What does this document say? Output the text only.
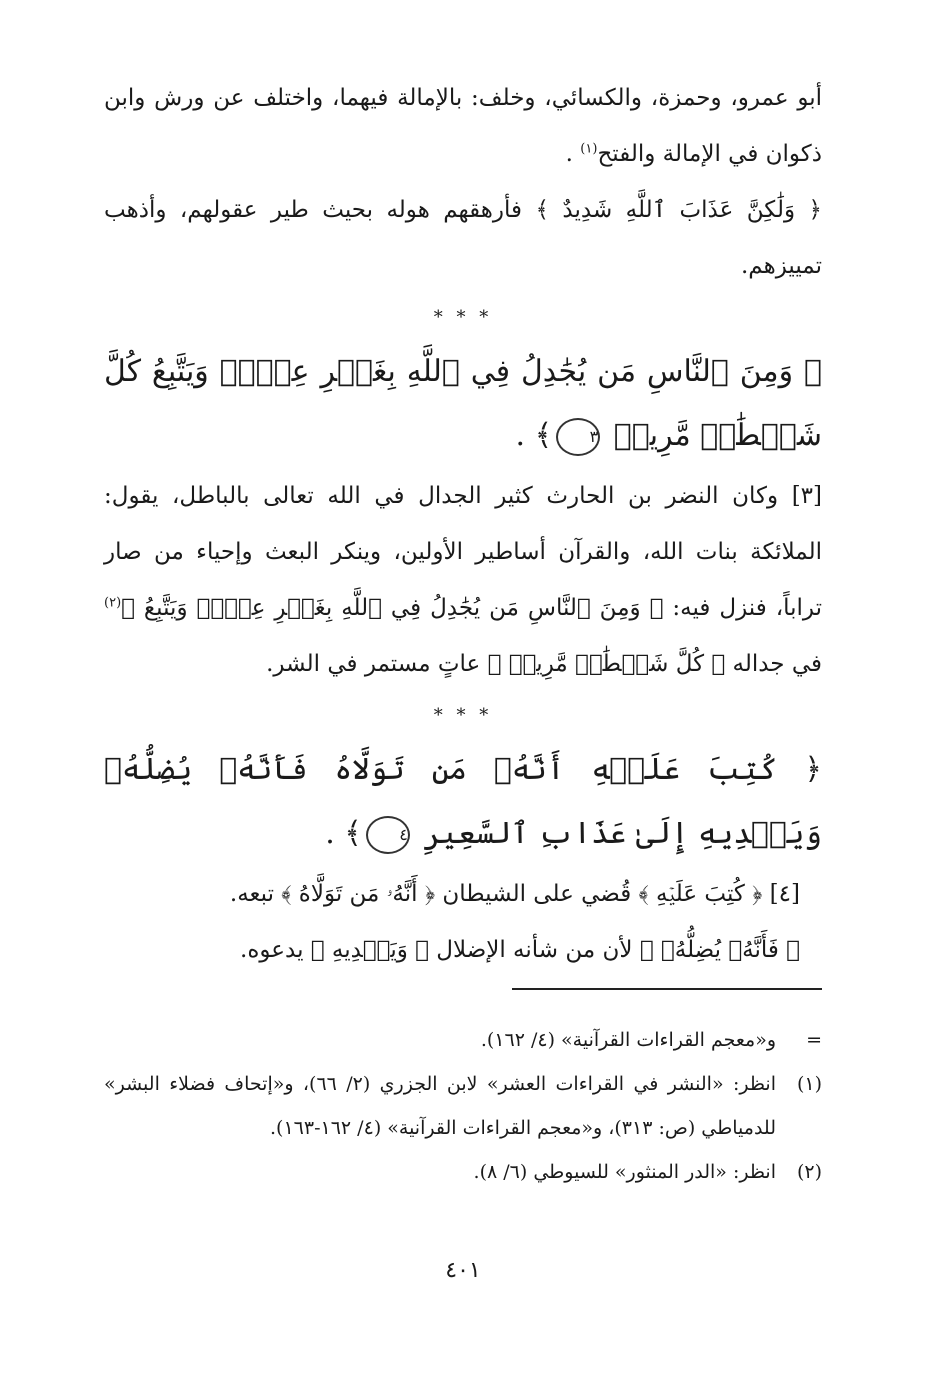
أبو عمرو، وحمزة، والكسائي، وخلف: بالإمالة فيهما، واختلف عن ورش وابن ذكوان في الإمالة والفتح$^{(١)}$ .

﴿ وَلَٰكِنَّ عَذَابَ ٱللَّهِ شَدِيدٌ ﴾ فأرهقهم هوله بحيث طير عقولهم، وأذهب تمييزهم.

* * *

﴿ وَمِنَ ٱلنَّاسِ مَن يُجَٰدِلُ فِي ٱللَّهِ بِغَيۡرِ عِلۡمٖ وَيَتَّبِعُ كُلَّ شَيۡطَٰنٖ مَّرِيدٖ ٣﴾ .

[٣] وكان النضر بن الحارث كثير الجدال في الله تعالى بالباطل، يقول: الملائكة بنات الله، والقرآن أساطير الأولين، وينكر البعث وإحياء من صار تراباً، فنزل فيه: ﴿ وَمِنَ ٱلنَّاسِ مَن يُجَٰدِلُ فِي ٱللَّهِ بِغَيۡرِ عِلۡمٖ وَيَتَّبِعُ ﴾$^{(٢)}$ في جداله ﴿ كُلَّ شَيۡطَٰنٖ مَّرِيدٖ ﴾ عاتٍ مستمر في الشر.

* * *

﴿ كُتِبَ عَلَيۡهِ أَنَّهُۥ مَن تَوَلَّاهُ فَأَنَّهُۥ يُضِلُّهُۥ وَيَهۡدِيهِ إِلَىٰ عَذَابِ ٱلسَّعِيرِ ٤﴾ .

[٤] ﴿ كُتِبَ عَلَيۡهِ ﴾ قُضي على الشيطان ﴿ أَنَّهُۥ مَن تَوَلَّاهُ ﴾ تبعه.

﴿ فَأَنَّهُۥ يُضِلُّهُۥ ﴾ لأن من شأنه الإضلال ﴿ وَيَهۡدِيهِ ﴾ يدعوه.

=
و«معجم القراءات القرآنية» (٤/ ١٦٢).

(١)
انظر: «النشر في القراءات العشر» لابن الجزري (٢/ ٦٦)، و«إتحاف فضلاء البشر» للدمياطي (ص: ٣١٣)، و«معجم القراءات القرآنية» (٤/ ١٦٢-١٦٣).

(٢)
انظر: «الدر المنثور» للسيوطي (٦/ ٨).

٤٠١
